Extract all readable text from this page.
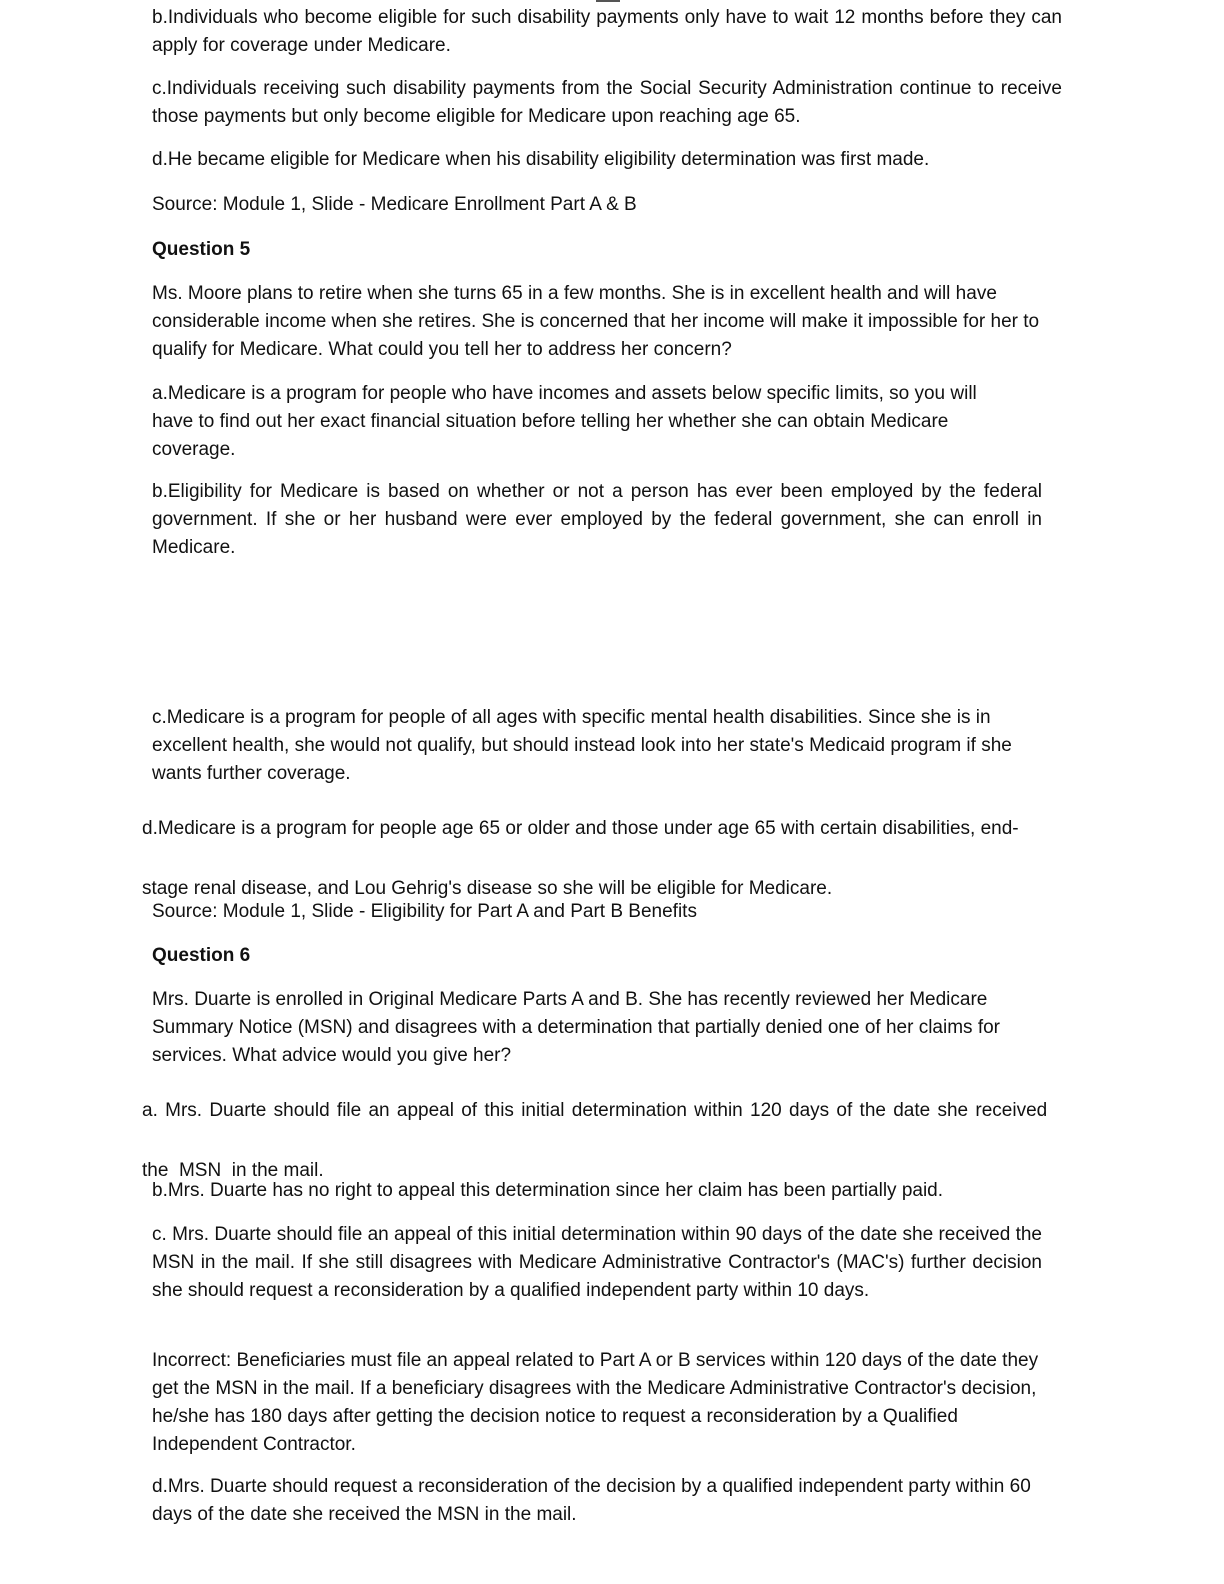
b.Individuals who become eligible for such disability payments only have to wait 12 months before they can apply for coverage under Medicare.

c.Individuals receiving such disability payments from the Social Security Administration continue to receive those payments but only become eligible for Medicare upon reaching age 65.

d.He became eligible for Medicare when his disability eligibility determination was first made.

Source: Module 1, Slide - Medicare Enrollment Part A & B

Question 5

Ms. Moore plans to retire when she turns 65 in a few months. She is in excellent health and will have considerable income when she retires. She is concerned that her income will make it impossible for her to qualify for Medicare. What could you tell her to address her concern?

a.Medicare is a program for people who have incomes and assets below specific limits, so you will have to find out her exact financial situation before telling her whether she can obtain Medicare coverage.

b.Eligibility for Medicare is based on whether or not a person has ever been employed by the federal government. If she or her husband were ever employed by the federal government, she can enroll in Medicare.

c.Medicare is a program for people of all ages with specific mental health disabilities. Since she is in excellent health, she would not qualify, but should instead look into her state's Medicaid program if she wants further coverage.

d.Medicare is a program for people age 65 or older and those under age 65 with certain disabilities, end-

stage renal disease, and Lou Gehrig's disease so she will be eligible for Medicare.

Source: Module 1, Slide - Eligibility for Part A and Part B Benefits

Question 6

Mrs. Duarte is enrolled in Original Medicare Parts A and B. She has recently reviewed her Medicare Summary Notice (MSN) and disagrees with a determination that partially denied one of her claims for services. What advice would you give her?

a. Mrs. Duarte should file an appeal of this initial determination within 120 days of the date she received

the  MSN  in the mail.

b.Mrs. Duarte has no right to appeal this determination since her claim has been partially paid.

c. Mrs. Duarte should file an appeal of this initial determination within 90 days of the date she received the MSN in the mail. If she still disagrees with Medicare Administrative Contractor's (MAC's) further decision she should request a reconsideration by a qualified independent party within 10 days.

Incorrect: Beneficiaries must file an appeal related to Part A or B services within 120 days of the date they get the MSN in the mail. If a beneficiary disagrees with the Medicare Administrative Contractor's decision, he/she has 180 days after getting the decision notice to request a reconsideration by a Qualified Independent Contractor.

d.Mrs. Duarte should request a reconsideration of the decision by a qualified independent party within 60 days of the date she received the MSN in the mail.
